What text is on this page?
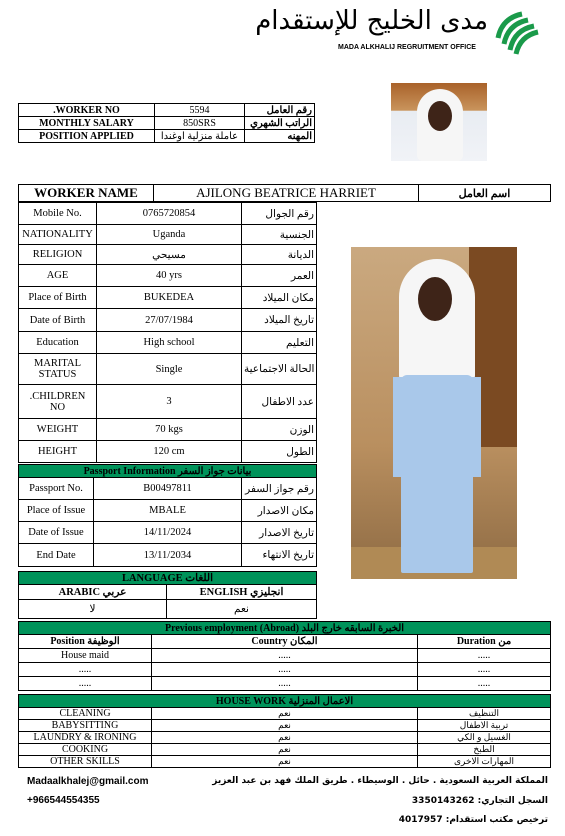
مدى الخليج للإستقدام
MADA ALKHALIJ REGRUITMENT OFFICE
.WORKER NO	5594	رقم العامل
MONTHLY SALARY	850SRS	الراتب الشهري
POSITION APPLIED	عاملة منزلية اوغندا	المهنه
WORKER NAME	AJILONG BEATRICE HARRIET	اسم العامل
Mobile No.	0765720854	رقم الجوال
NATIONALITY	Uganda	الجنسية
RELIGION	مسيحي	الديانة
AGE	40 yrs	العمر
Place of Birth	BUKEDEA	مكان الميلاد
Date of Birth	27/07/1984	تاريخ الميلاد
Education	High school	التعليم
MARITAL STATUS	Single	الحالة الاجتماعية
.CHILDREN NO	3	عدد الاطفال
WEIGHT	70 kgs	الوزن
HEIGHT	120 cm	الطول
Passport Information بيانات جواز السفر		
Passport No.	B00497811	رقم جواز السفر
Place of Issue	MBALE	مكان الاصدار
Date of Issue	14/11/2024	تاريخ الاصدار
End Date	13/11/2034	تاريخ الانتهاء
LANGUAGE اللغات	
ARABIC عربي	ENGLISH انجليزي
لا	نعم
Previous employment (Abroad) الخبرة السابقه خارج البلد		
Position الوظيفة	Country المكان	Duration من
House maid	.....	.....
.....	.....	.....
.....	.....	.....
HOUSE WORK الاعمال المنزلية		
CLEANING	نعم	التنظيف
BABYSITTING	نعم	تربية الاطفال
LAUNDRY & IRONING	نعم	الغسيل و الكي
COOKING	نعم	الطبخ
OTHER SKILLS	نعم	المهارات الاخرى
Madaalkhalej@gmail.com
+966544554355
المملكة العربية السعودية . حائل . الوسيطاء . طريق الملك فهد بن عبد العزيز
3350143262 :السجل التجاري
4017957 :ترخيص مكتب استقدام
